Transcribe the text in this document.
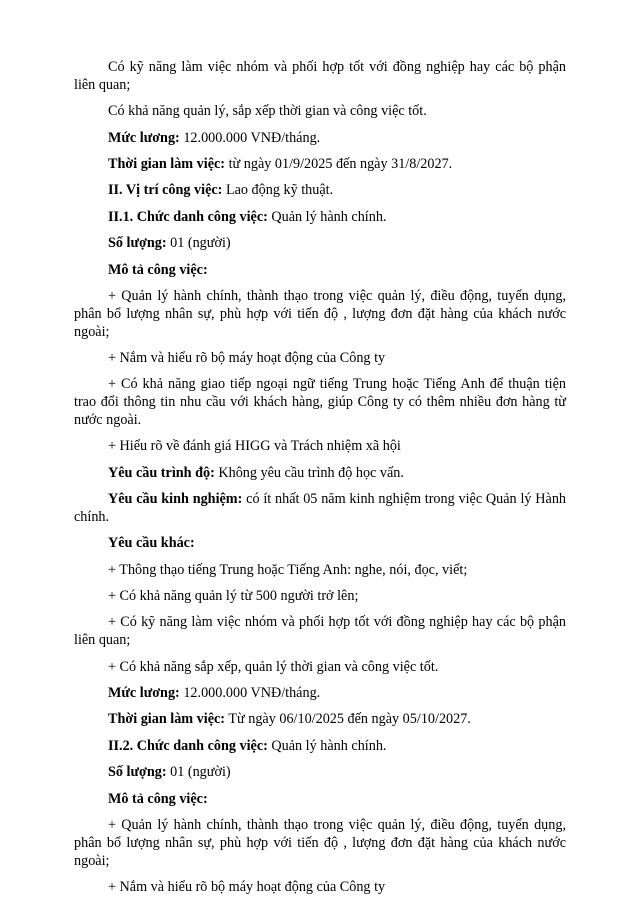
Có kỹ năng làm việc nhóm và phối hợp tốt với đồng nghiệp hay các bộ phận liên quan;

Có khả năng quản lý, sắp xếp thời gian và công việc tốt.

Mức lương: 12.000.000 VNĐ/tháng.

Thời gian làm việc: từ ngày 01/9/2025 đến ngày 31/8/2027.

II. Vị trí công việc: Lao động kỹ thuật.

II.1. Chức danh công việc: Quản lý hành chính.

Số lượng: 01 (người)

Mô tả công việc:

+ Quản lý hành chính, thành thạo trong việc quản lý, điều động, tuyển dụng, phân bổ lượng nhân sự, phù hợp với tiến độ , lượng đơn đặt hàng của khách nước ngoài;

+ Nắm và hiểu rõ bộ máy hoạt động của Công ty

+ Có khả năng giao tiếp ngoại ngữ tiếng Trung hoặc Tiếng Anh để thuận tiện trao đổi thông tin nhu cầu với khách hàng, giúp Công ty có thêm nhiều đơn hàng từ nước ngoài.

+ Hiểu rõ về đánh giá HIGG và Trách nhiệm xã hội

Yêu cầu trình độ: Không yêu cầu trình độ học vấn.

Yêu cầu kinh nghiệm: có ít nhất 05 năm kinh nghiệm trong việc Quản lý Hành chính.

Yêu cầu khác:

+ Thông thạo tiếng Trung hoặc Tiếng Anh: nghe, nói, đọc, viết;

+ Có khả năng quản lý từ 500 người trở lên;

+ Có kỹ năng làm việc nhóm và phối hợp tốt với đồng nghiệp hay các bộ phận liên quan;

+ Có khả năng sắp xếp, quản lý thời gian và công việc tốt.

Mức lương: 12.000.000 VNĐ/tháng.

Thời gian làm việc: Từ ngày 06/10/2025 đến ngày 05/10/2027.

II.2. Chức danh công việc: Quản lý hành chính.

Số lượng: 01 (người)

Mô tả công việc:

+ Quản lý hành chính, thành thạo trong việc quản lý, điều động, tuyển dụng, phân bổ lượng nhân sự, phù hợp với tiến độ , lượng đơn đặt hàng của khách nước ngoài;

+ Nắm và hiểu rõ bộ máy hoạt động của Công ty
